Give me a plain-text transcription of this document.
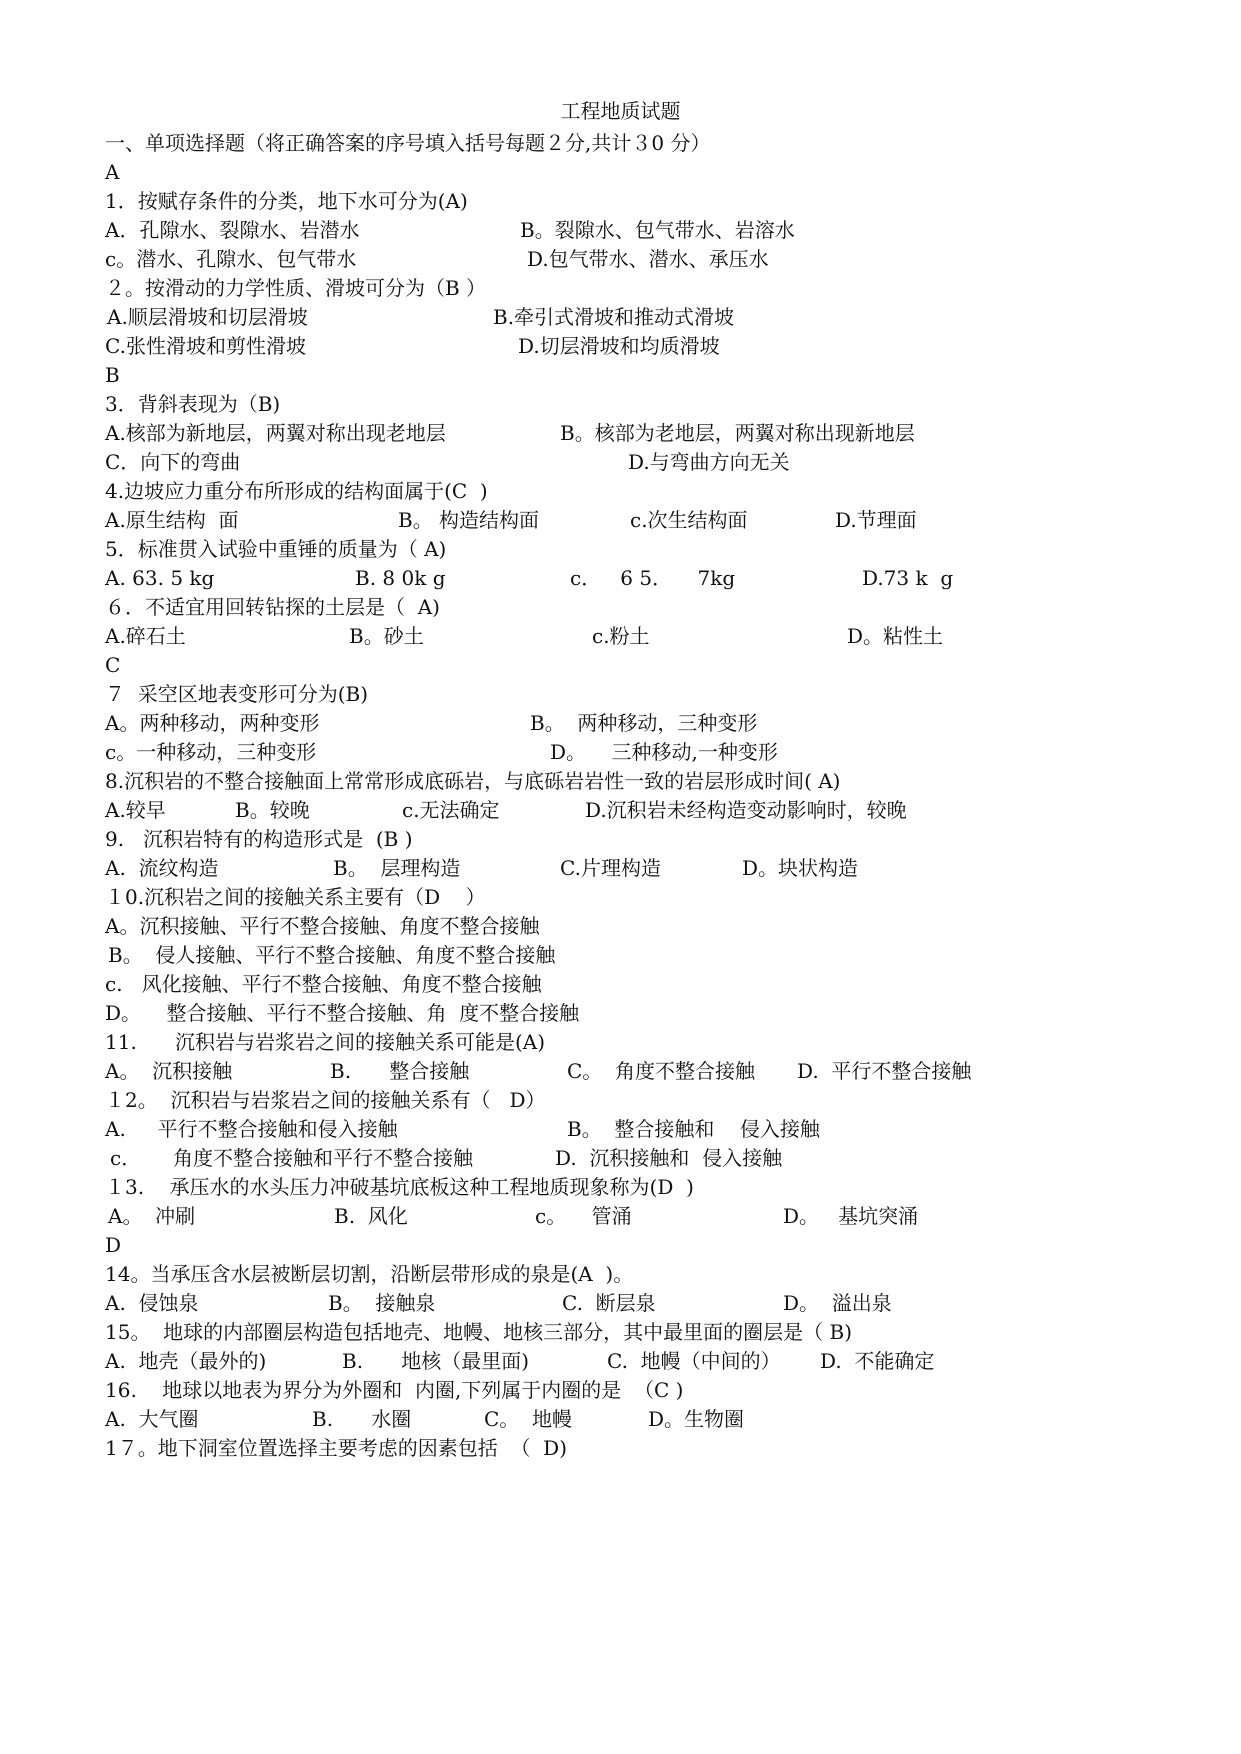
工程地质试题
一、单项选择题（将正确答案的序号填入括号每题２分,共计３0 分）
A
1．按赋存条件的分类，地下水可分为(A)
A．孔隙水、裂隙水、岩潜水	B。裂隙水、包气带水、岩溶水
c。潜水、孔隙水、包气带水	D.包气带水、潜水、承压水
２。按滑动的力学性质、滑坡可分为（B ）
A.顺层滑坡和切层滑坡	B.牵引式滑坡和推动式滑坡
C.张性滑坡和剪性滑坡	D.切层滑坡和均质滑坡
B
3．背斜表现为（B)
A.核部为新地层，两翼对称出现老地层	B。核部为老地层，两翼对称出现新地层
C．向下的弯曲	D.与弯曲方向无关
4.边坡应力重分布所形成的结构面属于(C  )
A.原生结构  面	B。 构造结构面	c.次生结构面	D.节理面
5．标准贯入试验中重锤的质量为（ A)
A. 63. 5 kg	B. 8 0k g	c．   6 5．    7kg	D.73 k  g
６．不适宜用回转钻探的土层是（  A)
A.碎石土	B。砂土	c.粉土	D。粘性土
C
７  采空区地表变形可分为(B)
A。两种移动，两种变形	B。  两种移动，三种变形
c。一种移动，三种变形	D。    三种移动,一种变形
8.沉积岩的不整合接触面上常常形成底砾岩，与底砾岩岩性一致的岩层形成时间( A)
A.较早	B。较晚	c.无法确定	D.沉积岩未经构造变动影响时，较晚
9.   沉积岩特有的构造形式是  (B )
A.  流纹构造	B。  层理构造	C.片理构造	D。块状构造
１0.沉积岩之间的接触关系主要有（D    ）
A。沉积接触、平行不整合接触、角度不整合接触
B。  侵人接触、平行不整合接触、角度不整合接触
c.   风化接触、平行不整合接触、角度不整合接触
D。    整合接触、平行不整合接触、角  度不整合接触
11.      沉积岩与岩浆岩之间的接触关系可能是(A)
A。  沉积接触	B.      整合接触	C。  角度不整合接触 D.  平行不整合接触
１2。  沉积岩与岩浆岩之间的接触关系有（   D）
A.     平行不整合接触和侵入接触	B。  整合接触和    侵入接触
c．     角度不整合接触和平行不整合接触	D.  沉积接触和  侵入接触
１3.    承压水的水头压力冲破基坑底板这种工程地质现象称为(D  )
A。  冲刷	B.  风化	c。    管涌	D。   基坑突涌
D
14。当承压含水层被断层切割，沿断层带形成的泉是(A  )。
A.  侵蚀泉	B。  接触泉	C.  断层泉	D。  溢出泉
15。  地球的内部圈层构造包括地壳、地幔、地核三部分，其中最里面的圈层是（ B)
A.  地壳（最外的)	B.      地核（最里面)	C.  地幔（中间的） D.  不能确定
16.    地球以地表为界分为外圈和  内圈,下列属于内圈的是  （C )
A.  大气圈	B.      水圈	C。  地幔	D。生物圈
1７。地下洞室位置选择主要考虑的因素包括  （  D)
